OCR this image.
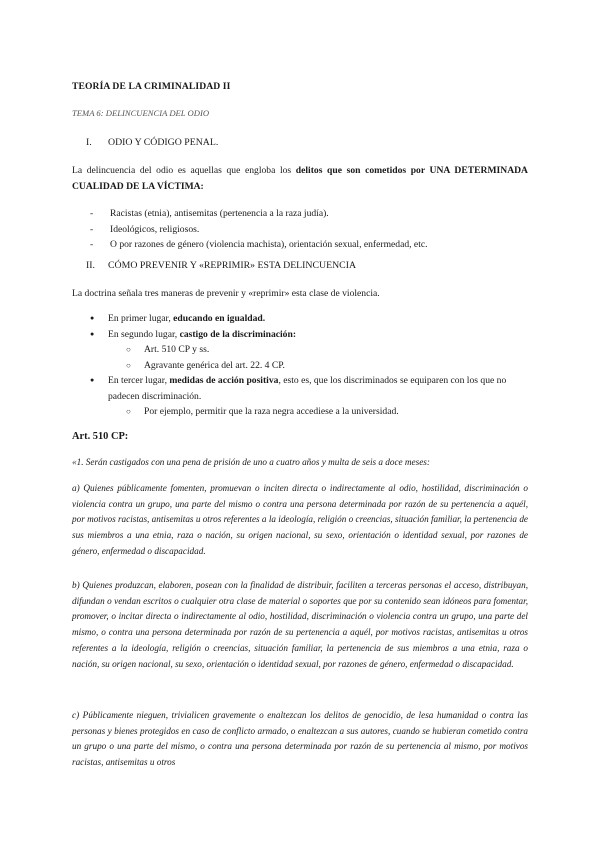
TEORÍA DE LA CRIMINALIDAD II
TEMA 6: DELINCUENCIA DEL ODIO
I. ODIO Y CÓDIGO PENAL.
La delincuencia del odio es aquellas que engloba los delitos que son cometidos por UNA DETERMINADA CUALIDAD DE LA VÍCTIMA:
- Racistas (etnia), antisemitas (pertenencia a la raza judía).
- Ideológicos, religiosos.
- O por razones de género (violencia machista), orientación sexual, enfermedad, etc.
II. CÓMO PREVENIR Y «REPRIMIR» ESTA DELINCUENCIA
La doctrina señala tres maneras de prevenir y «reprimir» esta clase de violencia.
● En primer lugar, educando en igualdad.
● En segundo lugar, castigo de la discriminación:
○ Art. 510 CP y ss.
○ Agravante genérica del art. 22. 4 CP.
● En tercer lugar, medidas de acción positiva, esto es, que los discriminados se equiparen con los que no padecen discriminación.
○ Por ejemplo, permitir que la raza negra accediese a la universidad.
Art. 510 CP:
«1. Serán castigados con una pena de prisión de uno a cuatro años y multa de seis a doce meses:
a) Quienes públicamente fomenten, promuevan o inciten directa o indirectamente al odio, hostilidad, discriminación o violencia contra un grupo, una parte del mismo o contra una persona determinada por razón de su pertenencia a aquél, por motivos racistas, antisemitas u otros referentes a la ideología, religión o creencias, situación familiar, la pertenencia de sus miembros a una etnia, raza o nación, su origen nacional, su sexo, orientación o identidad sexual, por razones de género, enfermedad o discapacidad.
b) Quienes produzcan, elaboren, posean con la finalidad de distribuir, faciliten a terceras personas el acceso, distribuyan, difundan o vendan escritos o cualquier otra clase de material o soportes que por su contenido sean idóneos para fomentar, promover, o incitar directa o indirectamente al odio, hostilidad, discriminación o violencia contra un grupo, una parte del mismo, o contra una persona determinada por razón de su pertenencia a aquél, por motivos racistas, antisemitas u otros referentes a la ideología, religión o creencias, situación familiar, la pertenencia de sus miembros a una etnia, raza o nación, su origen nacional, su sexo, orientación o identidad sexual, por razones de género, enfermedad o discapacidad.
c) Públicamente nieguen, trivialicen gravemente o enaltezcan los delitos de genocidio, de lesa humanidad o contra las personas y bienes protegidos en caso de conflicto armado, o enaltezcan a sus autores, cuando se hubieran cometido contra un grupo o una parte del mismo, o contra una persona determinada por razón de su pertenencia al mismo, por motivos racistas, antisemitas u otros
